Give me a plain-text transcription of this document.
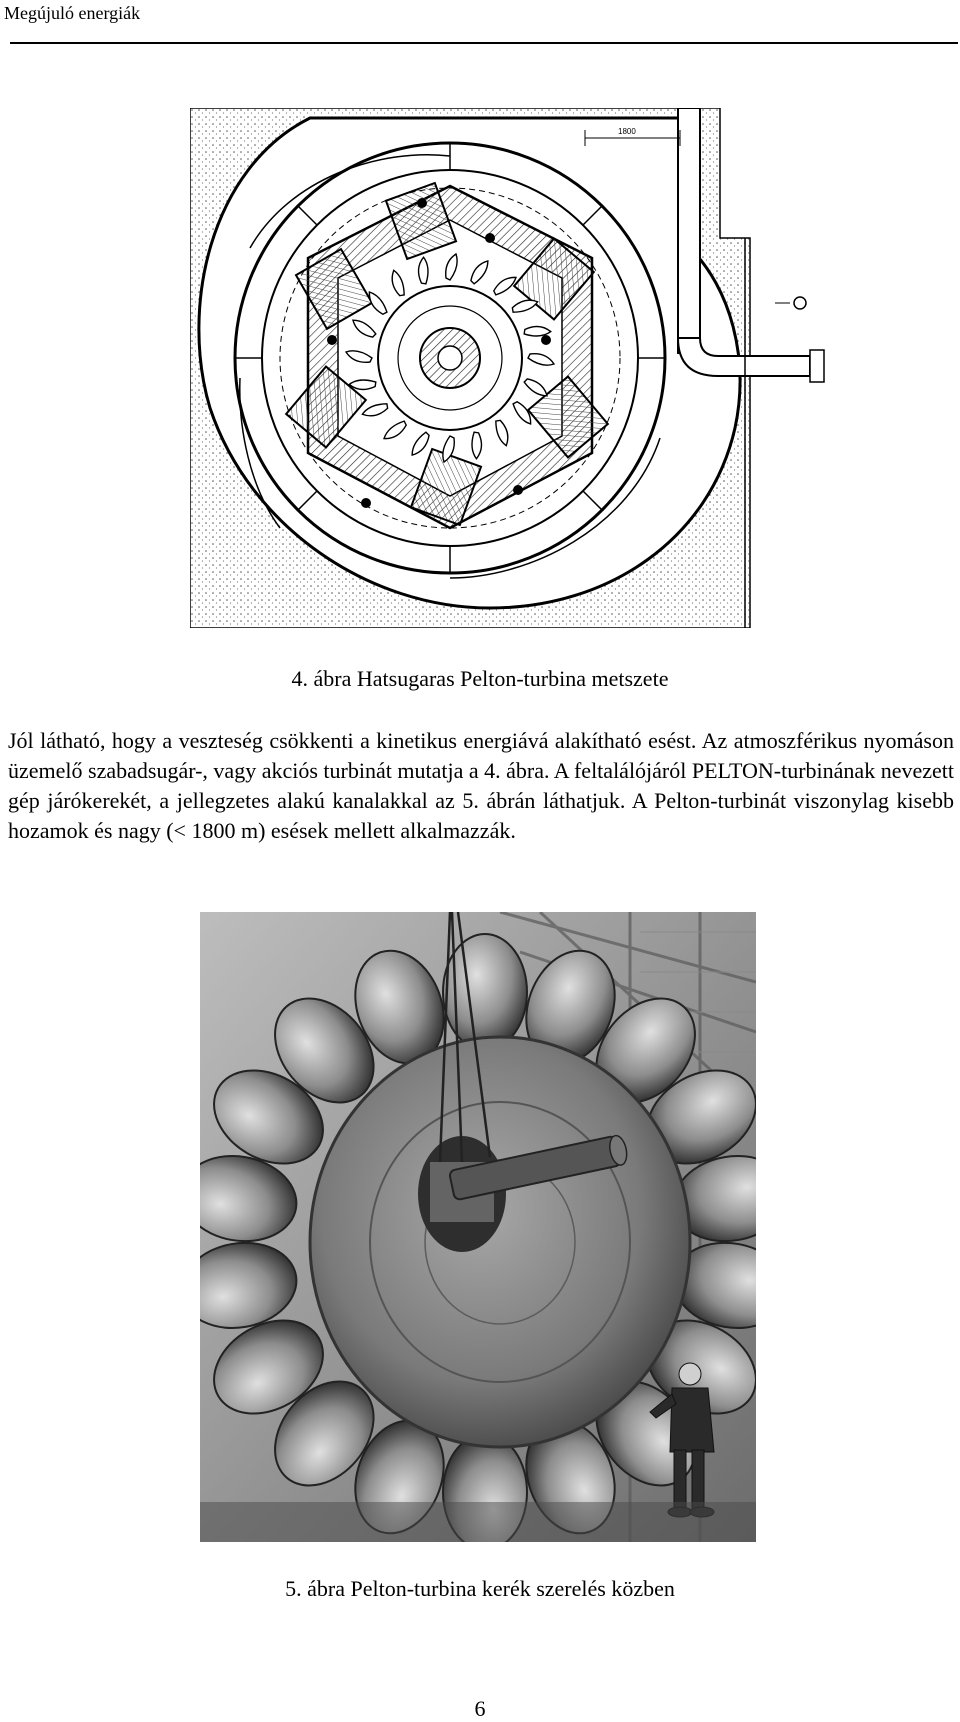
Megújuló energiák
1800
4. ábra Hatsugaras Pelton-turbina metszete
Jól látható, hogy a veszteség csökkenti a kinetikus energiává alakítható esést. Az atmoszférikus nyomáson üzemelő szabadsugár-, vagy akciós turbinát mutatja a 4. ábra. A feltalálójáról PELTON-turbinának nevezett gép járókerekét, a jellegzetes alakú kanalakkal az 5. ábrán láthatjuk. A Pelton-turbinát viszonylag kisebb hozamok és nagy (< 1800 m) esések mellett alkalmazzák.
5. ábra Pelton-turbina kerék szerelés közben
6
